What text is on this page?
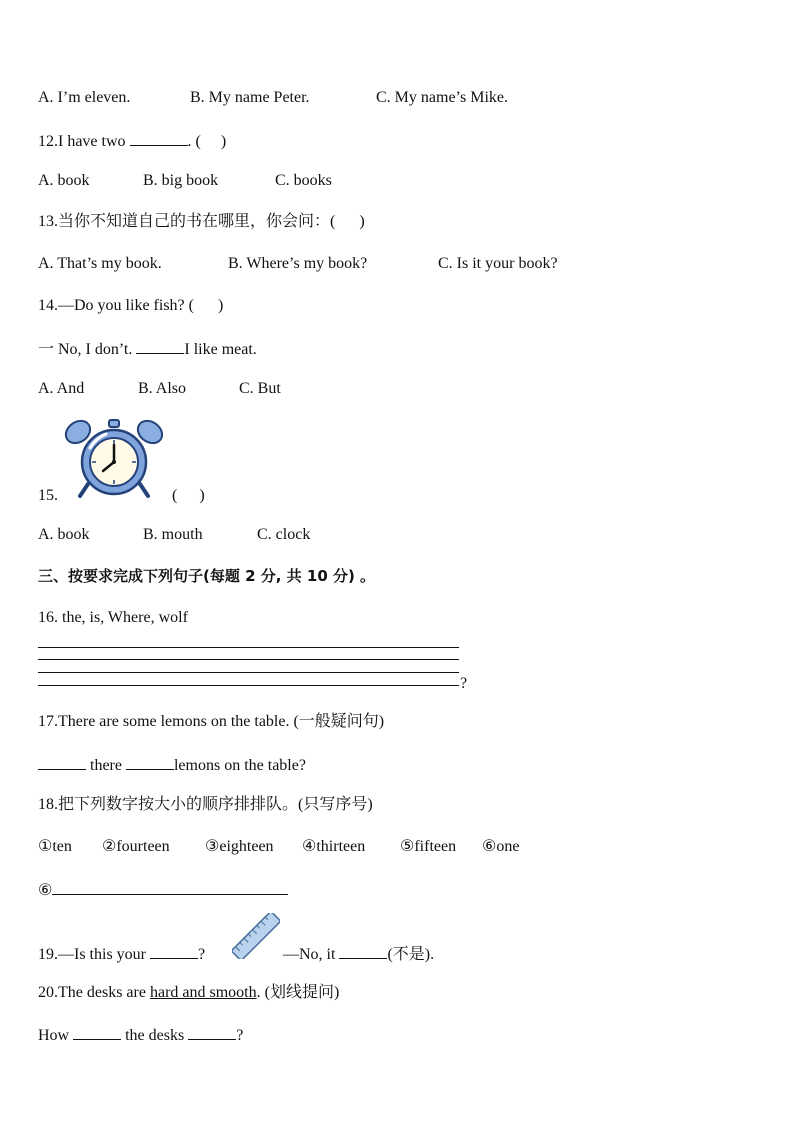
A. I’m eleven.	B. My name Peter.	C. My name’s Mike.
12.I have two	. ( )
A. book	B. big book	C. books
13.当你不知道自己的书在哪里，你会问：( )
A. That’s my book.	B. Where’s my book?	C. Is it your book?
14.—Do you like fish? ( )
一 No, I don’t.	I like meat.
A. And	B. Also	C. But
15.	( )
A. book	B. mouth	C. clock
三、按要求完成下列句子(每题 2 分, 共 10 分) 。
16. the, is, Where, wolf
?
17.There are some lemons on the table. (一般疑问句)
there	lemons on the table?
18.把下列数字按大小的顺序排排队。(只写序号)
①ten ②fourteen ③eighteen ④thirteen ⑤fifteen ⑥one
⑥
19.—Is this your	?	—No, it	(不是).
20.The desks are hard and smooth. (划线提问)
How	the desks	?
